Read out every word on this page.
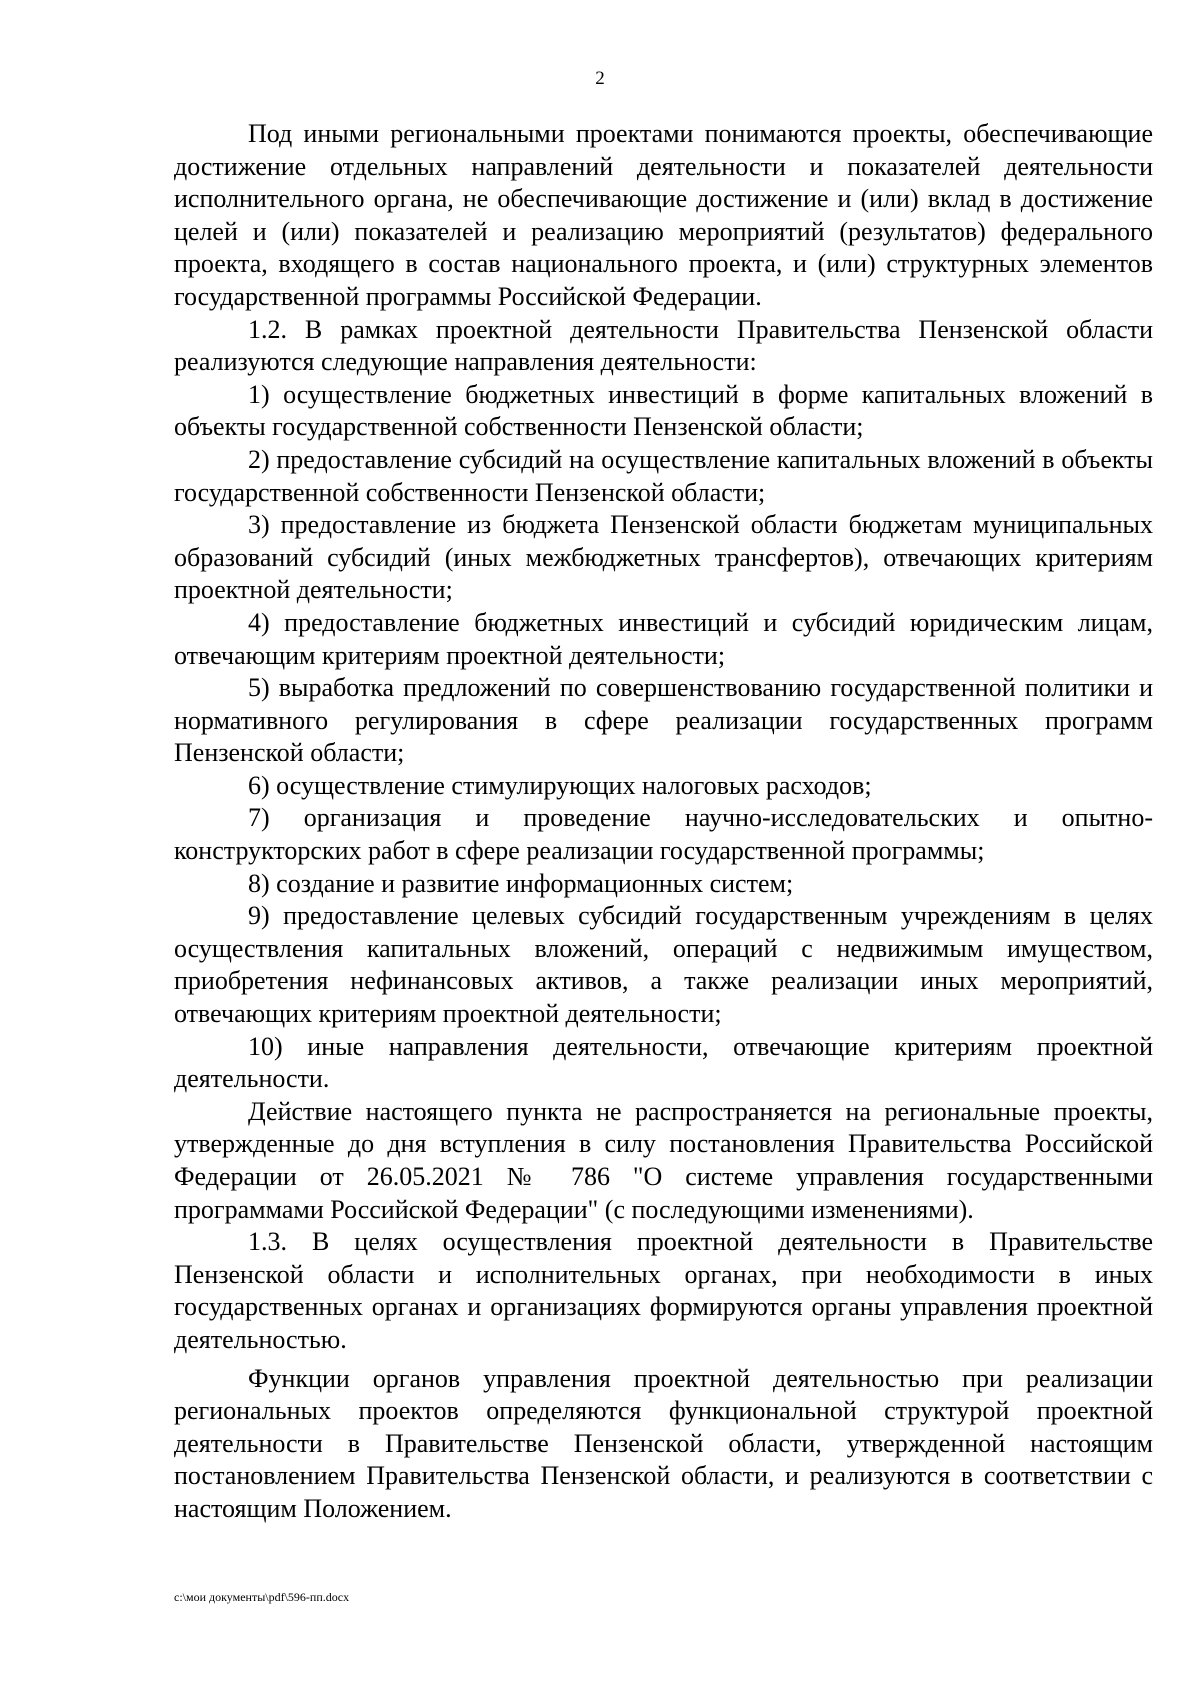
2

Под иными региональными проектами понимаются проекты, обеспечивающие достижение отдельных направлений деятельности и показателей деятельности исполнительного органа, не обеспечивающие достижение и (или) вклад в достижение целей и (или) показателей и реализацию мероприятий (результатов) федерального проекта, входящего в состав национального проекта, и (или) структурных элементов государственной программы Российской Федерации.

1.2. В рамках проектной деятельности Правительства Пензенской области реализуются следующие направления деятельности:

1) осуществление бюджетных инвестиций в форме капитальных вложений в объекты государственной собственности Пензенской области;

2) предоставление субсидий на осуществление капитальных вложений в объекты государственной собственности Пензенской области;

3) предоставление из бюджета Пензенской области бюджетам муниципальных образований субсидий (иных межбюджетных трансфертов), отвечающих критериям проектной деятельности;

4) предоставление бюджетных инвестиций и субсидий юридическим лицам, отвечающим критериям проектной деятельности;

5) выработка предложений по совершенствованию государственной политики и нормативного регулирования в сфере реализации государственных программ Пензенской области;

6) осуществление стимулирующих налоговых расходов;

7) организация и проведение научно-исследовательских и опытно-конструкторских работ в сфере реализации государственной программы;

8) создание и развитие информационных систем;

9) предоставление целевых субсидий государственным учреждениям в целях осуществления капитальных вложений, операций с недвижимым имуществом, приобретения нефинансовых активов, а также реализации иных мероприятий, отвечающих критериям проектной деятельности;

10) иные направления деятельности, отвечающие критериям проектной деятельности.

Действие настоящего пункта не распространяется на региональные проекты, утвержденные до дня вступления в силу постановления Правительства Российской Федерации от 26.05.2021 № 786 "О системе управления государственными программами Российской Федерации" (с последующими изменениями).

1.3. В целях осуществления проектной деятельности в Правительстве Пензенской области и исполнительных органах, при необходимости в иных государственных органах и организациях формируются органы управления проектной деятельностью.

Функции органов управления проектной деятельностью при реализации региональных проектов определяются функциональной структурой проектной деятельности в Правительстве Пензенской области, утвержденной настоящим постановлением Правительства Пензенской области, и реализуются в соответствии с настоящим Положением.

c:\мои документы\pdf\596-пп.docx
